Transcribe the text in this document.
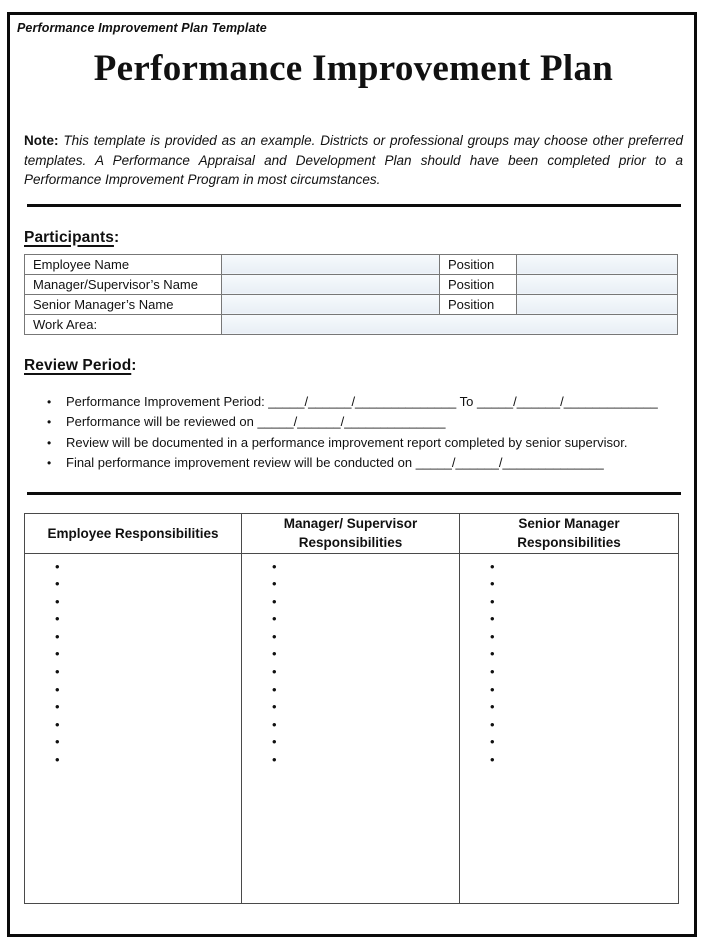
Performance Improvement Plan Template
Performance Improvement Plan

Note: This template is provided as an example. Districts or professional groups may choose other preferred templates. A Performance Appraisal and Development Plan should have been completed prior to a Performance Improvement Program in most circumstances.

Participants:
Employee Name		Position	
Manager/Supervisor’s Name		Position	
Senior Manager’s Name		Position	
Work Area:			
Review Period:
• Performance Improvement Period: _____/______/______________ To _____/______/_____________
• Performance will be reviewed on _____/______/______________
• Review will be documented in a performance improvement report completed by senior supervisor.
• Final performance improvement review will be conducted on _____/______/______________
Employee Responsibilities	Manager/ Supervisor Responsibilities	Senior Manager Responsibilities

•
•
•
•
•
•
•
•
•
•
•
•

•
•
•
•
•
•
•
•
•
•
•
•

•
•
•
•
•
•
•
•
•
•
•
•
